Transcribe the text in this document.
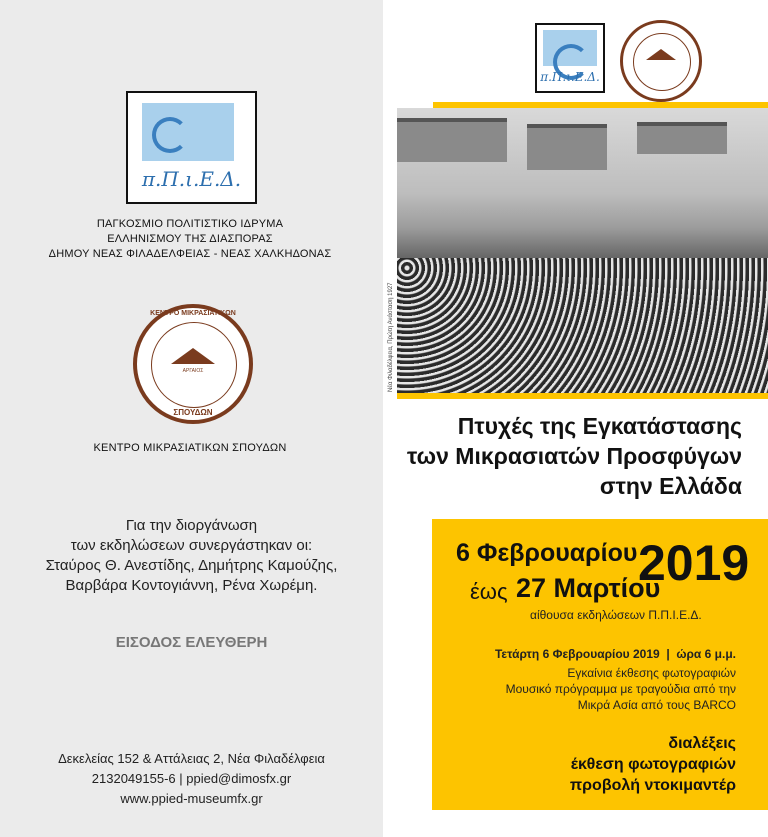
π.Π.ι.Ε.Δ.
ΠΑΓΚΟΣΜΙΟ ΠΟΛΙΤΙΣΤΙΚΟ ΙΔΡΥΜΑ
ΕΛΛΗΝΙΣΜΟΥ ΤΗΣ ΔΙΑΣΠΟΡΑΣ
ΔΗΜΟΥ ΝΕΑΣ ΦΙΛΑΔΕΛΦΕΙΑΣ - ΝΕΑΣ ΧΑΛΚΗΔΟΝΑΣ
ΚΕΝΤΡΟ ΜΙΚΡΑΣΙΑΤΙΚΩΝ
ΑΡΓΑΙΟΣ
ΣΠΟΥΔΩΝ
ΚΕΝΤΡΟ ΜΙΚΡΑΣΙΑΤΙΚΩΝ ΣΠΟΥΔΩΝ
Για την διοργάνωση
των εκδηλώσεων συνεργάστηκαν οι:
Σταύρος Θ. Ανεστίδης, Δημήτρης Καμούζης,
Βαρβάρα Κοντογιάννη, Ρένα Χωρέμη.
ΕΙΣΟΔΟΣ ΕΛΕΥΘΕΡΗ
Δεκελείας 152 & Αττάλειας 2, Νέα Φιλαδέλφεια
2132049155-6 | ppied@dimosfx.gr
www.ppied-museumfx.gr
π.Π.ι.Ε.Δ.
Νέα Φιλαδέλφεια, Πρώτη Ανάσταση 1927
Πτυχές της Εγκατάστασης
των Μικρασιατών Προσφύγων
στην Ελλάδα
6 Φεβρουαρίου
έως 27 Μαρτίου
2019
αίθουσα εκδηλώσεων Π.Π.Ι.Ε.Δ.
Τετάρτη 6 Φεβρουαρίου 2019  |  ώρα 6 μ.μ.
Εγκαίνια έκθεσης φωτογραφιών
Μουσικό πρόγραμμα με τραγούδια από την
Μικρά Ασία από τους BARCO
διαλέξεις
έκθεση φωτογραφιών
προβολή ντοκιμαντέρ
